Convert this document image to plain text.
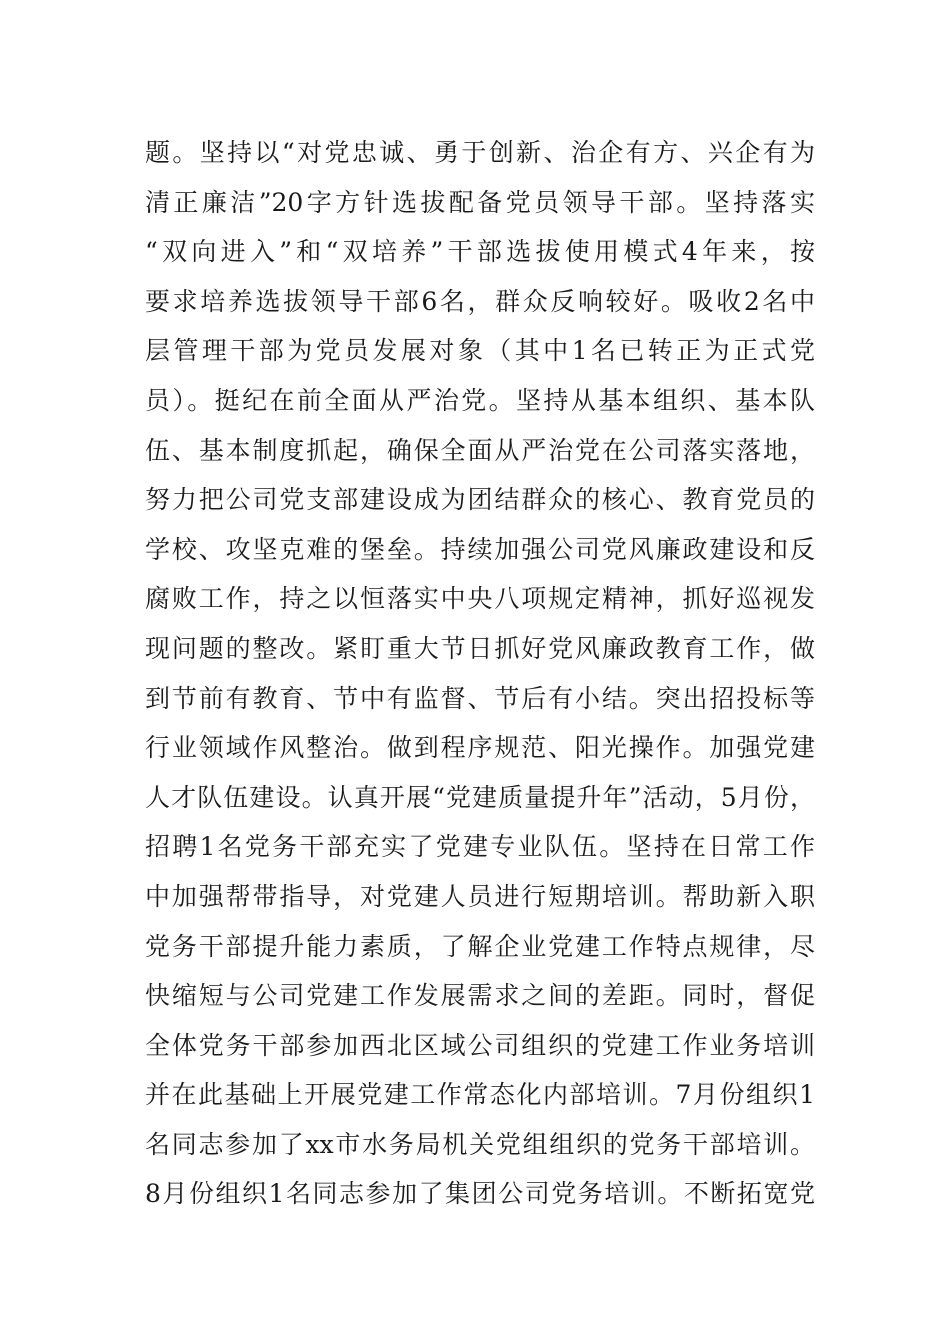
题。坚持以“对党忠诚、勇于创新、治企有方、兴企有为
清正廉洁”20字方针选拔配备党员领导干部。坚持落实
“双向进入”和“双培养”干部选拔使用模式4年来，按
要求培养选拔领导干部6名，群众反响较好。吸收2名中
层管理干部为党员发展对象（其中1名已转正为正式党
员）。挺纪在前全面从严治党。坚持从基本组织、基本队
伍、基本制度抓起，确保全面从严治党在公司落实落地，
努力把公司党支部建设成为团结群众的核心、教育党员的
学校、攻坚克难的堡垒。持续加强公司党风廉政建设和反
腐败工作，持之以恒落实中央八项规定精神，抓好巡视发
现问题的整改。紧盯重大节日抓好党风廉政教育工作，做
到节前有教育、节中有监督、节后有小结。突出招投标等
行业领域作风整治。做到程序规范、阳光操作。加强党建
人才队伍建设。认真开展“党建质量提升年”活动，5月份，
招聘1名党务干部充实了党建专业队伍。坚持在日常工作
中加强帮带指导，对党建人员进行短期培训。帮助新入职
党务干部提升能力素质，了解企业党建工作特点规律，尽
快缩短与公司党建工作发展需求之间的差距。同时，督促
全体党务干部参加西北区域公司组织的党建工作业务培训
并在此基础上开展党建工作常态化内部培训。7月份组织1
名同志参加了xx市水务局机关党组组织的党务干部培训。
8月份组织1名同志参加了集团公司党务培训。不断拓宽党
